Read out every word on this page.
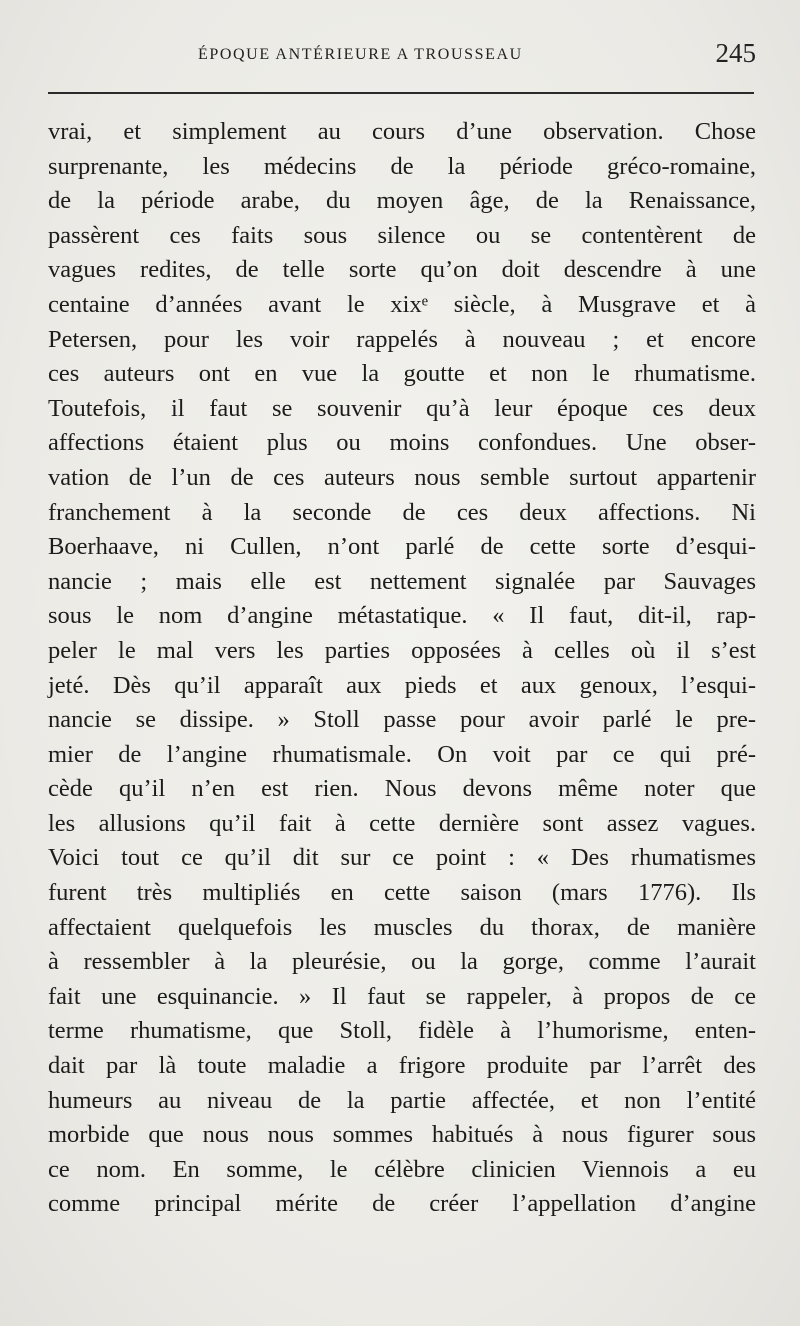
ÉPOQUE ANTÉRIEURE A TROUSSEAU	245
vrai, et simplement au cours d’une observation. Chose
surprenante, les médecins de la période gréco-romaine,
de la période arabe, du moyen âge, de la Renaissance,
passèrent ces faits sous silence ou se contentèrent de
vagues redites, de telle sorte qu’on doit descendre à une
centaine d’années avant le xixᵉ siècle, à Musgrave et à
Petersen, pour les voir rappelés à nouveau ; et encore
ces auteurs ont en vue la goutte et non le rhumatisme.
Toutefois, il faut se souvenir qu’à leur époque ces deux
affections étaient plus ou moins confondues. Une obser-
vation de l’un de ces auteurs nous semble surtout appartenir
franchement à la seconde de ces deux affections. Ni
Boerhaave, ni Cullen, n’ont parlé de cette sorte d’esqui-
nancie ; mais elle est nettement signalée par Sauvages
sous le nom d’angine métastatique. « Il faut, dit-il, rap-
peler le mal vers les parties opposées à celles où il s’est
jeté. Dès qu’il apparaît aux pieds et aux genoux, l’esqui-
nancie se dissipe. » Stoll passe pour avoir parlé le pre-
mier de l’angine rhumatismale. On voit par ce qui pré-
cède qu’il n’en est rien. Nous devons même noter que
les allusions qu’il fait à cette dernière sont assez vagues.
Voici tout ce qu’il dit sur ce point : « Des rhumatismes
furent très multipliés en cette saison (mars 1776). Ils
affectaient quelquefois les muscles du thorax, de manière
à ressembler à la pleurésie, ou la gorge, comme l’aurait
fait une esquinancie. » Il faut se rappeler, à propos de ce
terme rhumatisme, que Stoll, fidèle à l’humorisme, enten-
dait par là toute maladie a frigore produite par l’arrêt des
humeurs au niveau de la partie affectée, et non l’entité
morbide que nous nous sommes habitués à nous figurer sous
ce nom. En somme, le célèbre clinicien Viennois a eu
comme principal mérite de créer l’appellation d’angine
